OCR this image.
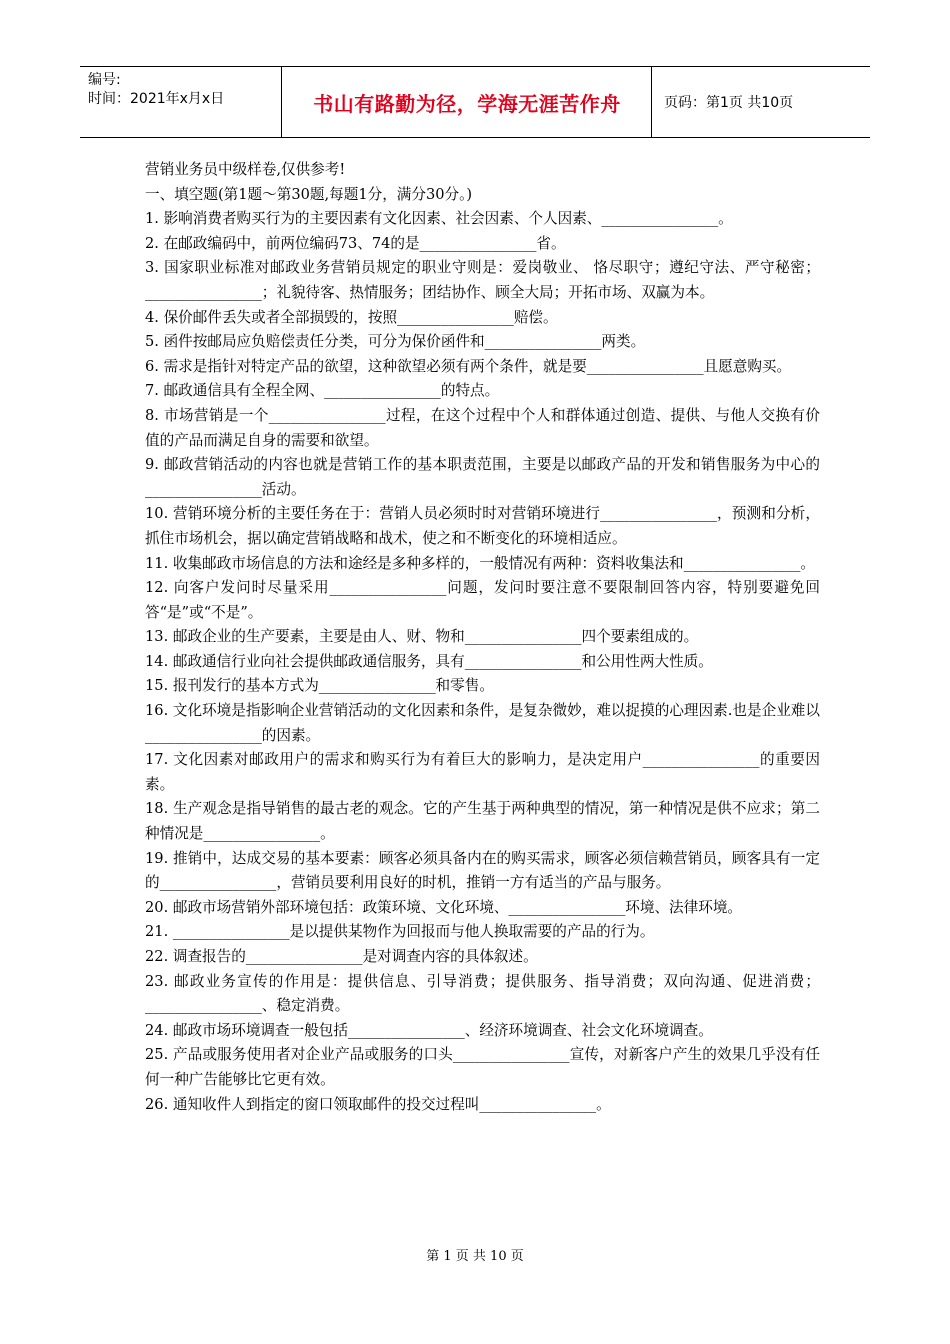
编号:
时间：2021年x月x日	书山有路勤为径，学海无涯苦作舟	页码：第1页 共10页

营销业务员中级样卷,仅供参考!

一、填空题(第1题～第30题,每题1分，满分30分。)

1. 影响消费者购买行为的主要因素有文化因素、社会因素、个人因素、________________。

2. 在邮政编码中，前两位编码73、74的是________________省。

3. 国家职业标准对邮政业务营销员规定的职业守则是：爱岗敬业、 恪尽职守；遵纪守法、严守秘密；________________；礼貌待客、热情服务；团结协作、顾全大局；开拓市场、双赢为本。

4. 保价邮件丢失或者全部损毁的，按照________________赔偿。

5. 函件按邮局应负赔偿责任分类，可分为保价函件和________________两类。

6. 需求是指针对特定产品的欲望，这种欲望必须有两个条件，就是要________________且愿意购买。

7. 邮政通信具有全程全网、________________的特点。

8. 市场营销是一个________________过程，在这个过程中个人和群体通过创造、提供、与他人交换有价值的产品而满足自身的需要和欲望。

9. 邮政营销活动的内容也就是营销工作的基本职责范围，主要是以邮政产品的开发和销售服务为中心的________________活动。

10. 营销环境分析的主要任务在于：营销人员必须时时对营销环境进行________________，预测和分析，抓住市场机会，据以确定营销战略和战术，使之和不断变化的环境相适应。

11. 收集邮政市场信息的方法和途经是多种多样的，一般情况有两种：资料收集法和________________。

12. 向客户发问时尽量采用________________问题，发问时要注意不要限制回答内容，特别要避免回答“是”或“不是”。

13. 邮政企业的生产要素，主要是由人、财、物和________________四个要素组成的。

14. 邮政通信行业向社会提供邮政通信服务，具有________________和公用性两大性质。

15. 报刊发行的基本方式为________________和零售。

16. 文化环境是指影响企业营销活动的文化因素和条件，是复杂微妙，难以捉摸的心理因素.也是企业难以________________的因素。

17. 文化因素对邮政用户的需求和购买行为有着巨大的影响力，是决定用户________________的重要因素。

18. 生产观念是指导销售的最古老的观念。它的产生基于两种典型的情况，第一种情况是供不应求；第二种情况是________________。

19. 推销中，达成交易的基本要素：顾客必须具备内在的购买需求，顾客必须信赖营销员，顾客具有一定的________________，营销员要利用良好的时机，推销一方有适当的产品与服务。

20. 邮政市场营销外部环境包括：政策环境、文化环境、________________环境、法律环境。

21. ________________是以提供某物作为回报而与他人换取需要的产品的行为。

22. 调查报告的________________是对调查内容的具体叙述。

23. 邮政业务宣传的作用是：提供信息、引导消费；提供服务、指导消费；双向沟通、促进消费；________________、稳定消费。

24. 邮政市场环境调查一般包括________________、经济环境调查、社会文化环境调查。

25. 产品或服务使用者对企业产品或服务的口头________________宣传，对新客户产生的效果几乎没有任何一种广告能够比它更有效。

26. 通知收件人到指定的窗口领取邮件的投交过程叫________________。

第 1 页 共 10 页
